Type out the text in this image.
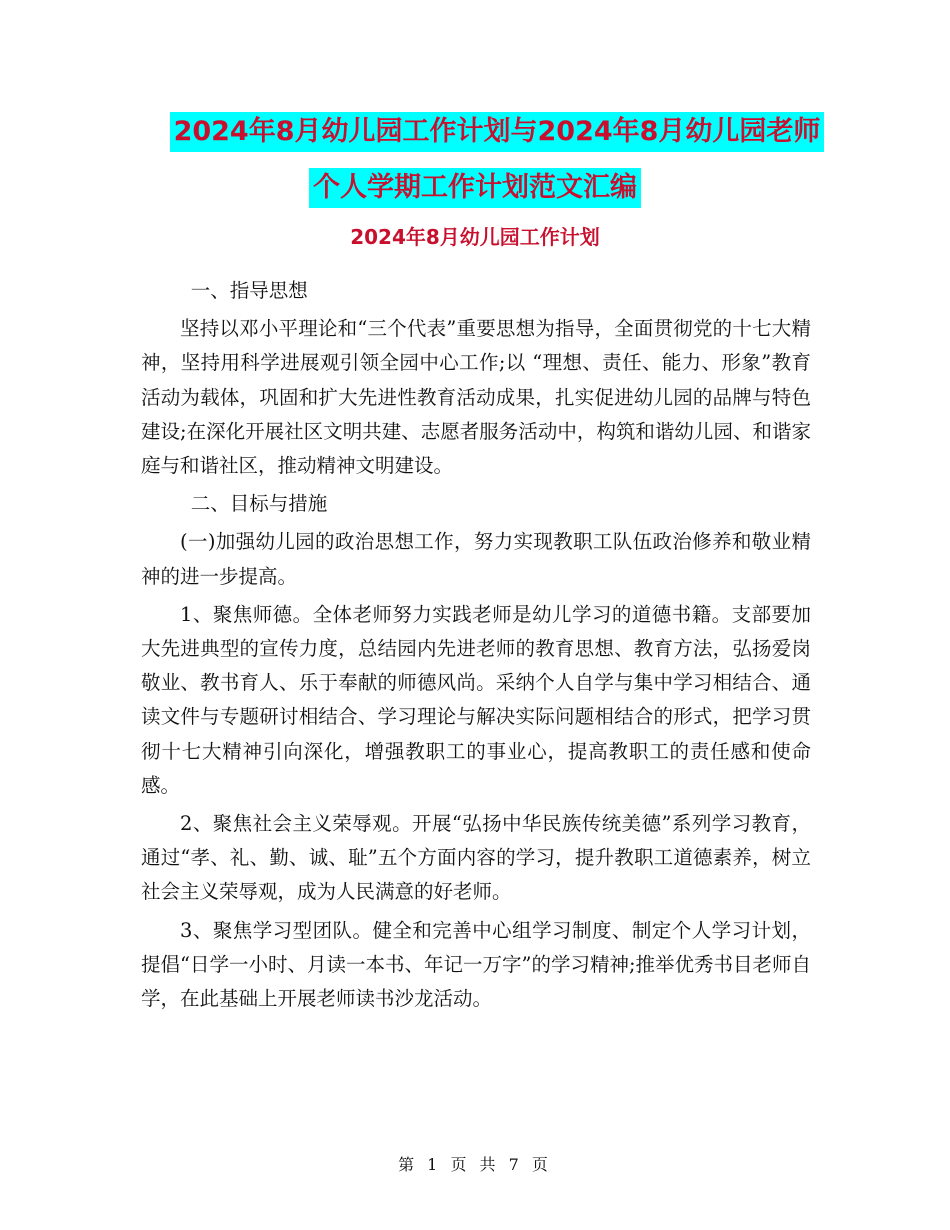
2024年8月幼儿园工作计划与2024年8月幼儿园老师
个人学期工作计划范文汇编
2024年8月幼儿园工作计划

一、指导思想

坚持以邓小平理论和“三个代表”重要思想为指导，全面贯彻党的十七大精神，坚持用科学进展观引领全园中心工作;以 “理想、责任、能力、形象”教育活动为载体，巩固和扩大先进性教育活动成果，扎实促进幼儿园的品牌与特色建设;在深化开展社区文明共建、志愿者服务活动中，构筑和谐幼儿园、和谐家庭与和谐社区，推动精神文明建设。

二、目标与措施

(一)加强幼儿园的政治思想工作，努力实现教职工队伍政治修养和敬业精神的进一步提高。

1、聚焦师德。全体老师努力实践老师是幼儿学习的道德书籍。支部要加大先进典型的宣传力度，总结园内先进老师的教育思想、教育方法，弘扬爱岗敬业、教书育人、乐于奉献的师德风尚。采纳个人自学与集中学习相结合、通读文件与专题研讨相结合、学习理论与解决实际问题相结合的形式，把学习贯彻十七大精神引向深化，增强教职工的事业心，提高教职工的责任感和使命感。

2、聚焦社会主义荣辱观。开展“弘扬中华民族传统美德”系列学习教育，通过“孝、礼、勤、诚、耻”五个方面内容的学习，提升教职工道德素养，树立社会主义荣辱观，成为人民满意的好老师。

3、聚焦学习型团队。健全和完善中心组学习制度、制定个人学习计划，提倡“日学一小时、月读一本书、年记一万字”的学习精神;推举优秀书目老师自学，在此基础上开展老师读书沙龙活动。

第 1 页 共 7 页
